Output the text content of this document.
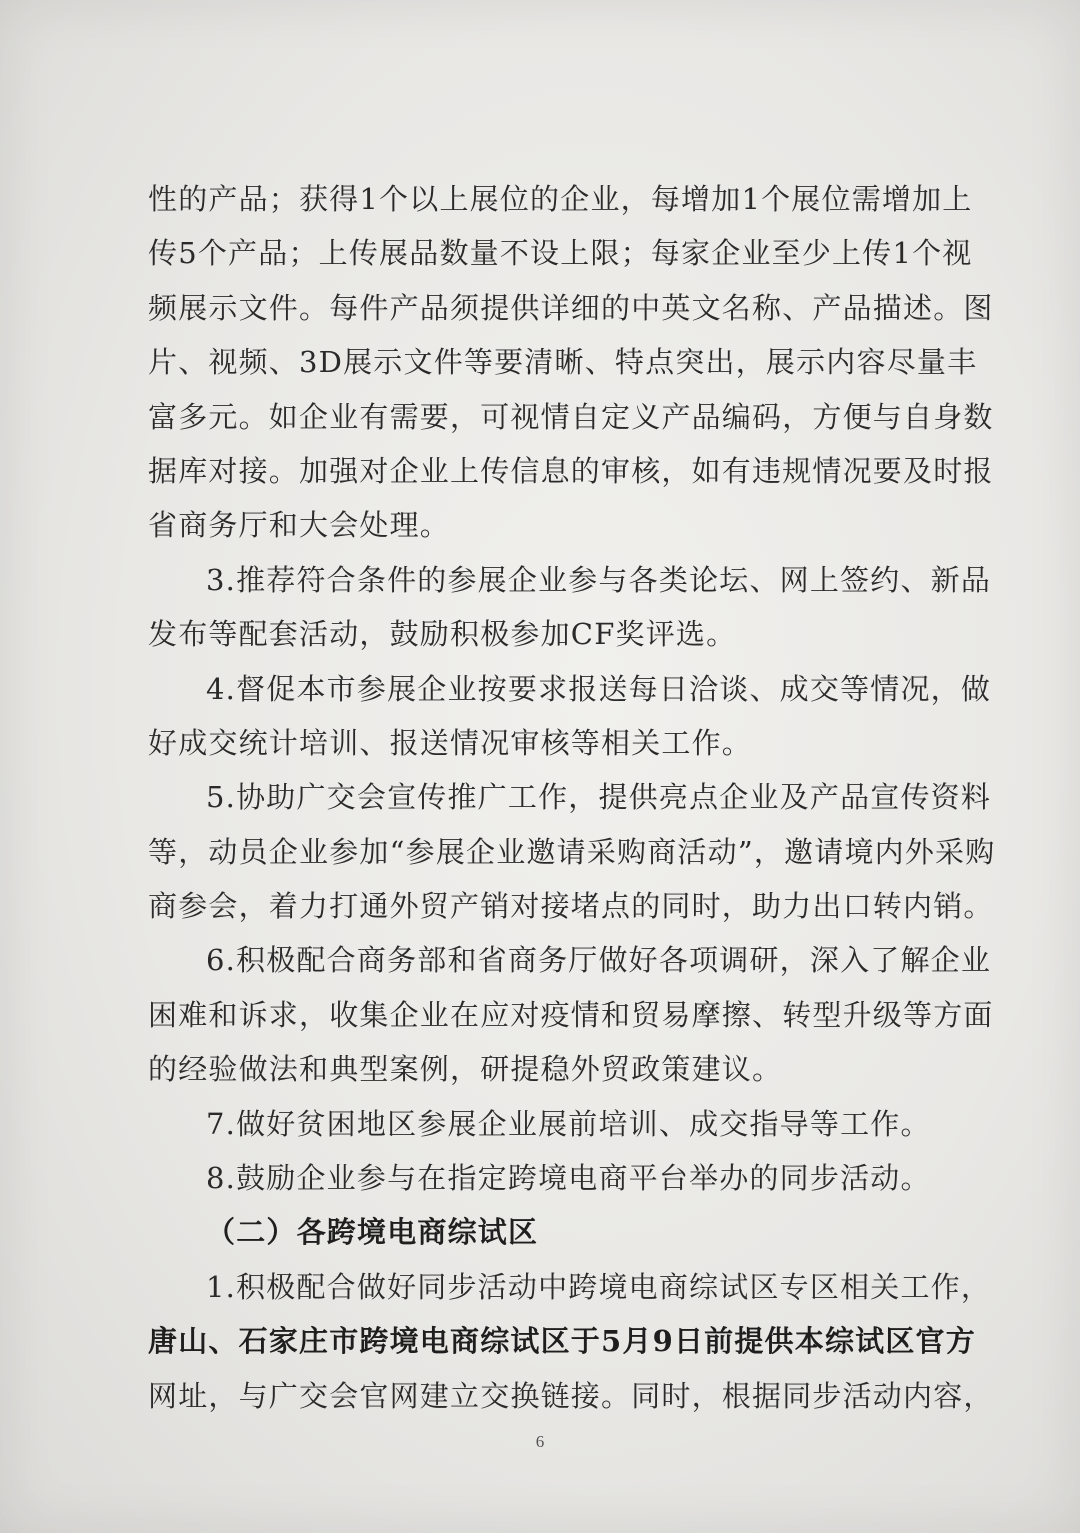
性的产品；获得1个以上展位的企业，每增加1个展位需增加上
传5个产品；上传展品数量不设上限；每家企业至少上传1个视
频展示文件。每件产品须提供详细的中英文名称、产品描述。图
片、视频、3D展示文件等要清晰、特点突出，展示内容尽量丰
富多元。如企业有需要，可视情自定义产品编码，方便与自身数
据库对接。加强对企业上传信息的审核，如有违规情况要及时报
省商务厅和大会处理。
3.推荐符合条件的参展企业参与各类论坛、网上签约、新品
发布等配套活动，鼓励积极参加CF奖评选。
4.督促本市参展企业按要求报送每日洽谈、成交等情况，做
好成交统计培训、报送情况审核等相关工作。
5.协助广交会宣传推广工作，提供亮点企业及产品宣传资料
等，动员企业参加“参展企业邀请采购商活动”，邀请境内外采购
商参会，着力打通外贸产销对接堵点的同时，助力出口转内销。
6.积极配合商务部和省商务厅做好各项调研，深入了解企业
困难和诉求，收集企业在应对疫情和贸易摩擦、转型升级等方面
的经验做法和典型案例，研提稳外贸政策建议。
7.做好贫困地区参展企业展前培训、成交指导等工作。
8.鼓励企业参与在指定跨境电商平台举办的同步活动。
（二）各跨境电商综试区
1.积极配合做好同步活动中跨境电商综试区专区相关工作，
唐山、石家庄市跨境电商综试区于5月9日前提供本综试区官方
网址，与广交会官网建立交换链接。同时，根据同步活动内容，
6
